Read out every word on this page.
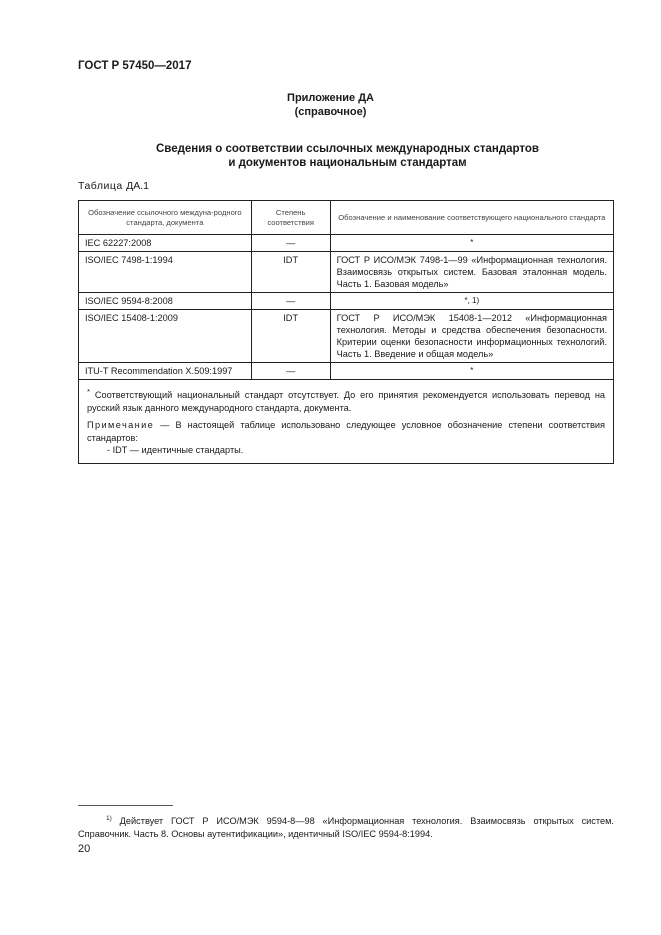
ГОСТ Р 57450—2017
Приложение ДА
(справочное)
Сведения о соответствии ссылочных международных стандартов
и документов национальным стандартам
Таблица ДА.1
Обозначение ссылочного междуна-родного стандарта, документа	Степень соответствия	Обозначение и наименование соответствующего национального стандарта
IEC 62227:2008	—	*
ISO/IEC 7498-1:1994	IDT	ГОСТ Р ИСО/МЭК 7498-1—99 «Информационная технология. Взаимосвязь открытых систем. Базовая эталонная модель. Часть 1. Базовая модель»
ISO/IEC 9594-8:2008	—	*, 1)
ISO/IEC 15408-1:2009	IDT	ГОСТ Р ИСО/МЭК 15408-1—2012 «Информационная технология. Методы и средства обеспечения безопасности. Критерии оценки безопасности информационных технологий. Часть 1. Введение и общая модель»
ITU-T Recommendation X.509:1997	—	*

* Соответствующий национальный стандарт отсутствует. До его принятия рекомендуется использовать перевод на русский язык данного международного стандарта, документа.

Примечание — В настоящей таблице использовано следующее условное обозначение степени соответствия стандартов:

- IDT — идентичные стандарты.		

$^{1)}$ Действует ГОСТ Р ИСО/МЭК 9594-8—98 «Информационная технология. Взаимосвязь открытых систем. Справочник. Часть 8. Основы аутентификации», идентичный ISO/IEC 9594-8:1994.
20
